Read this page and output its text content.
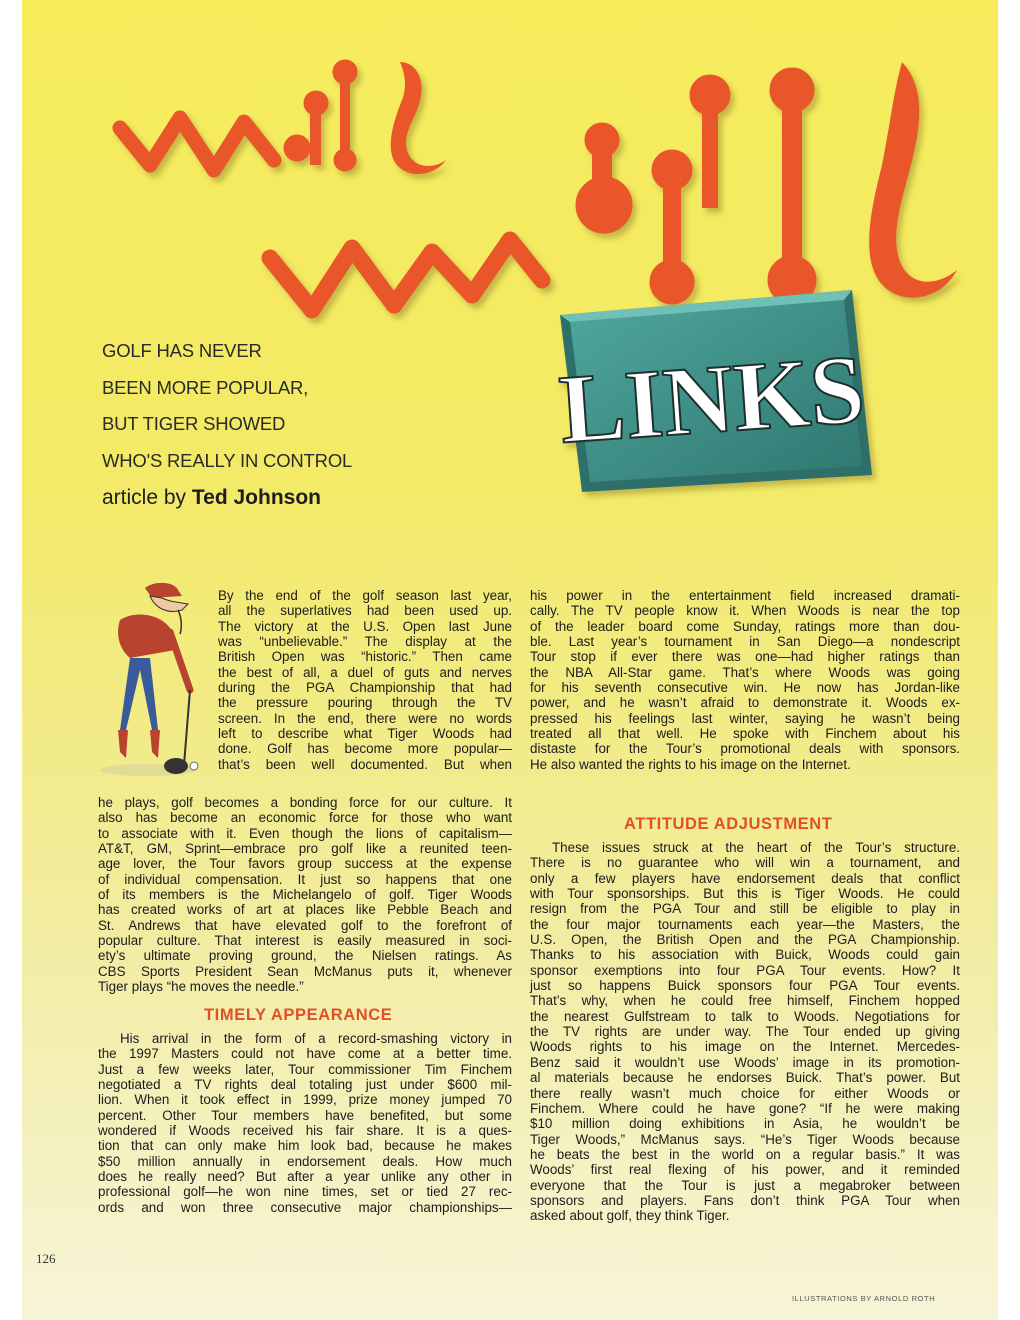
LINKS
GOLF HAS NEVER
BEEN MORE POPULAR,
BUT TIGER SHOWED
WHO'S REALLY IN CONTROL
article by Ted Johnson
By the end of the golf season last year,
all the superlatives had been used up.
The victory at the U.S. Open last June
was “unbelievable.” The display at the
British Open was “historic.” Then came
the best of all, a duel of guts and nerves
during the PGA Championship that had
the pressure pouring through the TV
screen. In the end, there were no words
left to describe what Tiger Woods had
done. Golf has become more popular—
that’s been well documented. But when
he plays, golf becomes a bonding force for our culture. It
also has become an economic force for those who want
to associate with it. Even though the lions of capitalism—
AT&T, GM, Sprint—embrace pro golf like a reunited teen-
age lover, the Tour favors group success at the expense
of individual compensation. It just so happens that one
of its members is the Michelangelo of golf. Tiger Woods
has created works of art at places like Pebble Beach and
St. Andrews that have elevated golf to the forefront of
popular culture. That interest is easily measured in soci-
ety’s ultimate proving ground, the Nielsen ratings. As
CBS Sports President Sean McManus puts it, whenever
Tiger plays “he moves the needle.”
TIMELY APPEARANCE
His arrival in the form of a record-smashing victory in
the 1997 Masters could not have come at a better time.
Just a few weeks later, Tour commissioner Tim Finchem
negotiated a TV rights deal totaling just under $600 mil-
lion. When it took effect in 1999, prize money jumped 70
percent. Other Tour members have benefited, but some
wondered if Woods received his fair share. It is a ques-
tion that can only make him look bad, because he makes
$50 million annually in endorsement deals. How much
does he really need? But after a year unlike any other in
professional golf—he won nine times, set or tied 27 rec-
ords and won three consecutive major championships—
his power in the entertainment field increased dramati-
cally. The TV people know it. When Woods is near the top
of the leader board come Sunday, ratings more than dou-
ble. Last year’s tournament in San Diego—a nondescript
Tour stop if ever there was one—had higher ratings than
the NBA All-Star game. That’s where Woods was going
for his seventh consecutive win. He now has Jordan-like
power, and he wasn’t afraid to demonstrate it. Woods ex-
pressed his feelings last winter, saying he wasn’t being
treated all that well. He spoke with Finchem about his
distaste for the Tour’s promotional deals with sponsors.
He also wanted the rights to his image on the Internet.
ATTITUDE ADJUSTMENT
These issues struck at the heart of the Tour’s structure.
There is no guarantee who will win a tournament, and
only a few players have endorsement deals that conflict
with Tour sponsorships. But this is Tiger Woods. He could
resign from the PGA Tour and still be eligible to play in
the four major tournaments each year—the Masters, the
U.S. Open, the British Open and the PGA Championship.
Thanks to his association with Buick, Woods could gain
sponsor exemptions into four PGA Tour events. How? It
just so happens Buick sponsors four PGA Tour events.
That’s why, when he could free himself, Finchem hopped
the nearest Gulfstream to talk to Woods. Negotiations for
the TV rights are under way. The Tour ended up giving
Woods rights to his image on the Internet. Mercedes-
Benz said it wouldn’t use Woods’ image in its promotion-
al materials because he endorses Buick. That’s power. But
there really wasn’t much choice for either Woods or
Finchem. Where could he have gone? “If he were making
$10 million doing exhibitions in Asia, he wouldn’t be
Tiger Woods,” McManus says. “He’s Tiger Woods because
he beats the best in the world on a regular basis.” It was
Woods’ first real flexing of his power, and it reminded
everyone that the Tour is just a megabroker between
sponsors and players. Fans don’t think PGA Tour when
asked about golf, they think Tiger.
126
ILLUSTRATIONS BY ARNOLD ROTH
